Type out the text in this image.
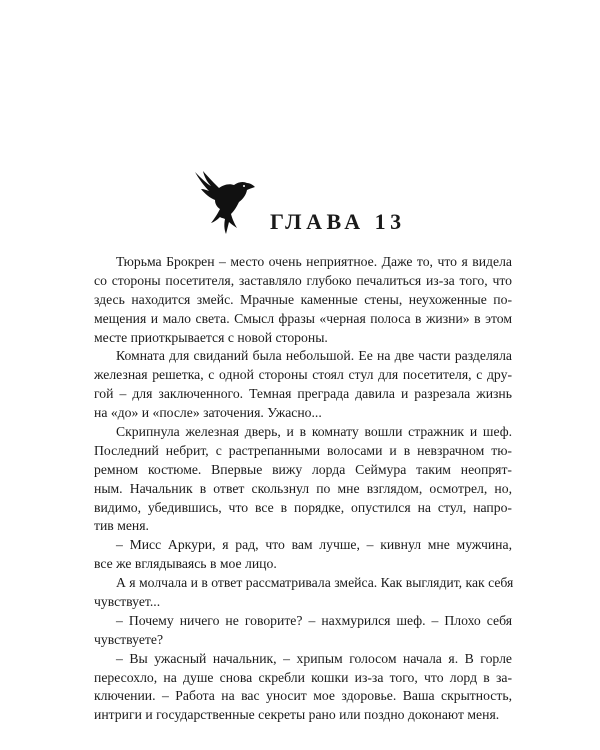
ГЛАВА 13
Тюрьма Брокрен – место очень неприятное. Даже то, что я видела
со стороны посетителя, заставляло глубоко печалиться из-за того, что
здесь находится змейс. Мрачные каменные стены, неухоженные по-
мещения и мало света. Смысл фразы «черная полоса в жизни» в этом
месте приоткрывается с новой стороны.
Комната для свиданий была небольшой. Ее на две части разделяла
железная решетка, с одной стороны стоял стул для посетителя, с дру-
гой – для заключенного. Темная преграда давила и разрезала жизнь
на «до» и «после» заточения. Ужасно...
Скрипнула железная дверь, и в комнату вошли стражник и шеф.
Последний небрит, с растрепанными волосами и в невзрачном тю-
ремном костюме. Впервые вижу лорда Сеймура таким неопрят-
ным. Начальник в ответ скользнул по мне взглядом, осмотрел, но,
видимо, убедившись, что все в порядке, опустился на стул, напро-
тив меня.
– Мисс Аркури, я рад, что вам лучше, – кивнул мне мужчина,
все же вглядываясь в мое лицо.
А я молчала и в ответ рассматривала змейса. Как выглядит, как себя
чувствует...
– Почему ничего не говорите? – нахмурился шеф. – Плохо себя
чувствуете?
– Вы ужасный начальник, – хрипым голосом начала я. В горле
пересохло, на душе снова скребли кошки из-за того, что лорд в за-
ключении. – Работа на вас уносит мое здоровье. Ваша скрытность,
интриги и государственные секреты рано или поздно доконают меня.
